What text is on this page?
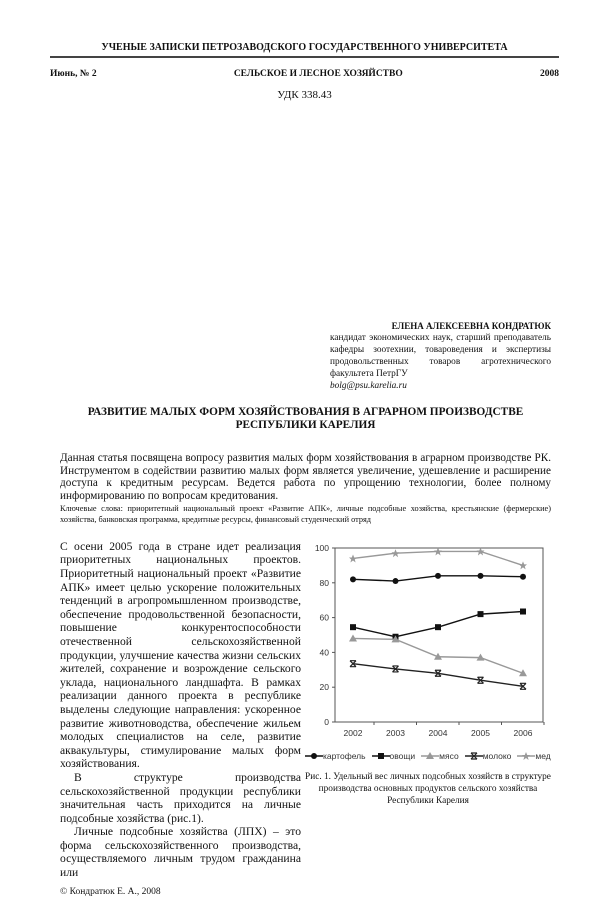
УЧЕНЫЕ ЗАПИСКИ ПЕТРОЗАВОДСКОГО ГОСУДАРСТВЕННОГО УНИВЕРСИТЕТА
Июнь, № 2	СЕЛЬСКОЕ И ЛЕСНОЕ ХОЗЯЙСТВО	2008
УДК 338.43
ЕЛЕНА АЛЕКСЕЕВНА КОНДРАТЮК
кандидат экономических наук, старший преподаватель кафедры зоотехнии, товароведения и экспертизы продовольственных товаров агротехнического факультета ПетрГУ
bolg@psu.karelia.ru
РАЗВИТИЕ МАЛЫХ ФОРМ ХОЗЯЙСТВОВАНИЯ В АГРАРНОМ ПРОИЗВОДСТВЕ РЕСПУБЛИКИ КАРЕЛИЯ
Данная статья посвящена вопросу развития малых форм хозяйствования в аграрном производстве РК. Инструментом в содействии развитию малых форм является увеличение, удешевление и расширение доступа к кредитным ресурсам. Ведется работа по упрощению технологии, более полному информированию по вопросам кредитования.
Ключевые слова: приоритетный национальный проект «Развитие АПК», личные подсобные хозяйства, крестьянские (фермерские) хозяйства, банковская программа, кредитные ресурсы, финансовый студенческий отряд

С осени 2005 года в стране идет реализация приоритетных национальных проектов. Приоритетный национальный проект «Развитие АПК» имеет целью ускорение положительных тенденций в агропромышленном производстве, обеспечение продовольственной безопасности, повышение конкурентоспособности отечественной сельскохозяйственной продукции, улучшение качества жизни сельских жителей, сохранение и возрождение сельского уклада, национального ландшафта. В рамках реализации данного проекта в республике выделены следующие направления: ускоренное развитие животноводства, обеспечение жильем молодых специалистов на селе, развитие аквакультуры, стимулирование малых форм хозяйствования.

В структуре производства сельскохозяйственной продукции республики значительная часть приходится на личные подсобные хозяйства (рис.1).

Личные подсобные хозяйства (ЛПХ) – это форма сельскохозяйственного производства, осуществляемого личным трудом гражданина или

© Кондратюк Е. А., 2008
0
20
40
60
80
100
2002	2003	2004	2005	2006
картофель	овощи	мясо	молоко	мед
Рис. 1. Удельный вес личных подсобных хозяйств в структуре производства основных продуктов сельского хозяйства Республики Карелия
